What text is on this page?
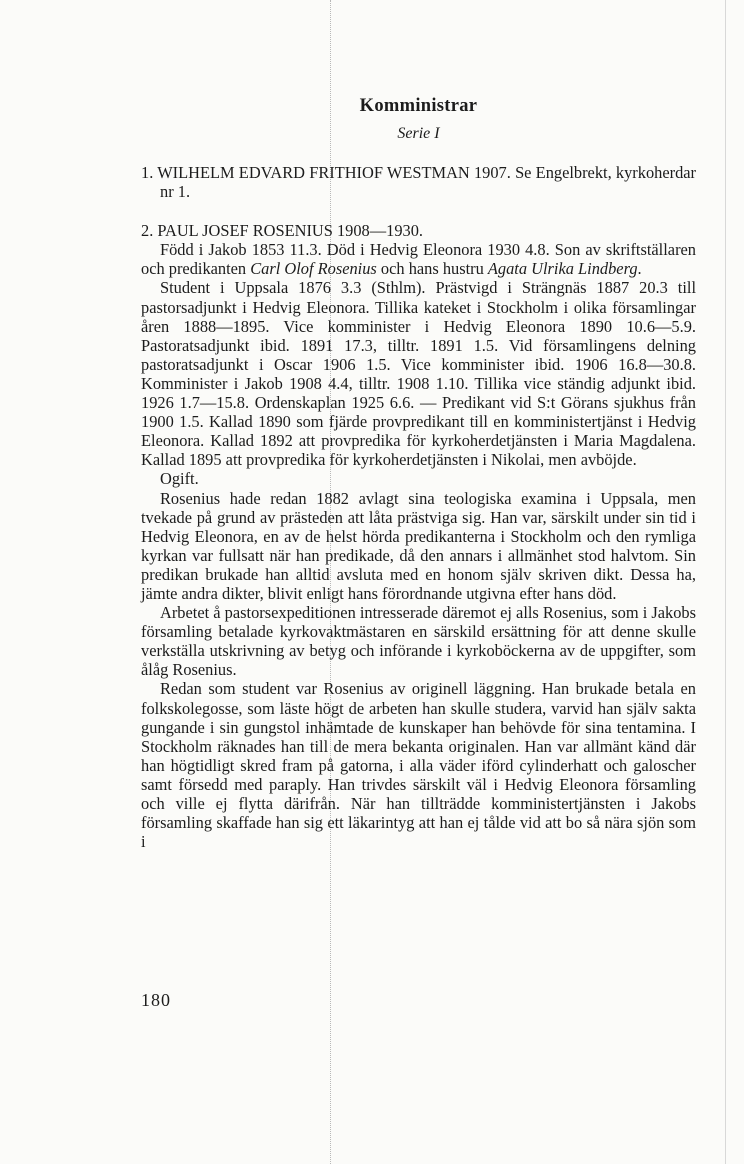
Komministrar
Serie I

1. WILHELM EDVARD FRITHIOF WESTMAN 1907. Se Engelbrekt, kyrkoherdar nr 1.

2. PAUL JOSEF ROSENIUS 1908—1930.

Född i Jakob 1853 11.3. Död i Hedvig Eleonora 1930 4.8. Son av skriftställaren och predikanten Carl Olof Rosenius och hans hustru Agata Ulrika Lindberg.

Student i Uppsala 1876 3.3 (Sthlm). Prästvigd i Strängnäs 1887 20.3 till pastorsadjunkt i Hedvig Eleonora. Tillika kateket i Stockholm i olika församlingar åren 1888—1895. Vice komminister i Hedvig Eleonora 1890 10.6—5.9. Pastoratsadjunkt ibid. 1891 17.3, tilltr. 1891 1.5. Vid församlingens delning pastoratsadjunkt i Oscar 1906 1.5. Vice komminister ibid. 1906 16.8—30.8. Komminister i Jakob 1908 4.4, tilltr. 1908 1.10. Tillika vice ständig adjunkt ibid. 1926 1.7—15.8. Ordenskaplan 1925 6.6. — Predikant vid S:t Görans sjukhus från 1900 1.5. Kallad 1890 som fjärde provpredikant till en komministertjänst i Hedvig Eleonora. Kallad 1892 att provpredika för kyrkoherdetjänsten i Maria Magdalena. Kallad 1895 att provpredika för kyrkoherdetjänsten i Nikolai, men avböjde.

Ogift.

Rosenius hade redan 1882 avlagt sina teologiska examina i Uppsala, men tvekade på grund av prästeden att låta prästviga sig. Han var, särskilt under sin tid i Hedvig Eleonora, en av de helst hörda predikanterna i Stockholm och den rymliga kyrkan var fullsatt när han predikade, då den annars i allmänhet stod halvtom. Sin predikan brukade han alltid avsluta med en honom själv skriven dikt. Dessa ha, jämte andra dikter, blivit enligt hans förordnande utgivna efter hans död.

Arbetet å pastorsexpeditionen intresserade däremot ej alls Rosenius, som i Jakobs församling betalade kyrkovaktmästaren en särskild ersättning för att denne skulle verkställa utskrivning av betyg och införande i kyrkoböckerna av de uppgifter, som ålåg Rosenius.

Redan som student var Rosenius av originell läggning. Han brukade betala en folkskolegosse, som läste högt de arbeten han skulle studera, varvid han själv sakta gungande i sin gungstol inhämtade de kunskaper han behövde för sina tentamina. I Stockholm räknades han till de mera bekanta originalen. Han var allmänt känd där han högtidligt skred fram på gatorna, i alla väder iförd cylinderhatt och galoscher samt försedd med paraply. Han trivdes särskilt väl i Hedvig Eleonora församling och ville ej flytta därifrån. När han tillträdde komministertjänsten i Jakobs församling skaffade han sig ett läkarintyg att han ej tålde vid att bo så nära sjön som i

180
